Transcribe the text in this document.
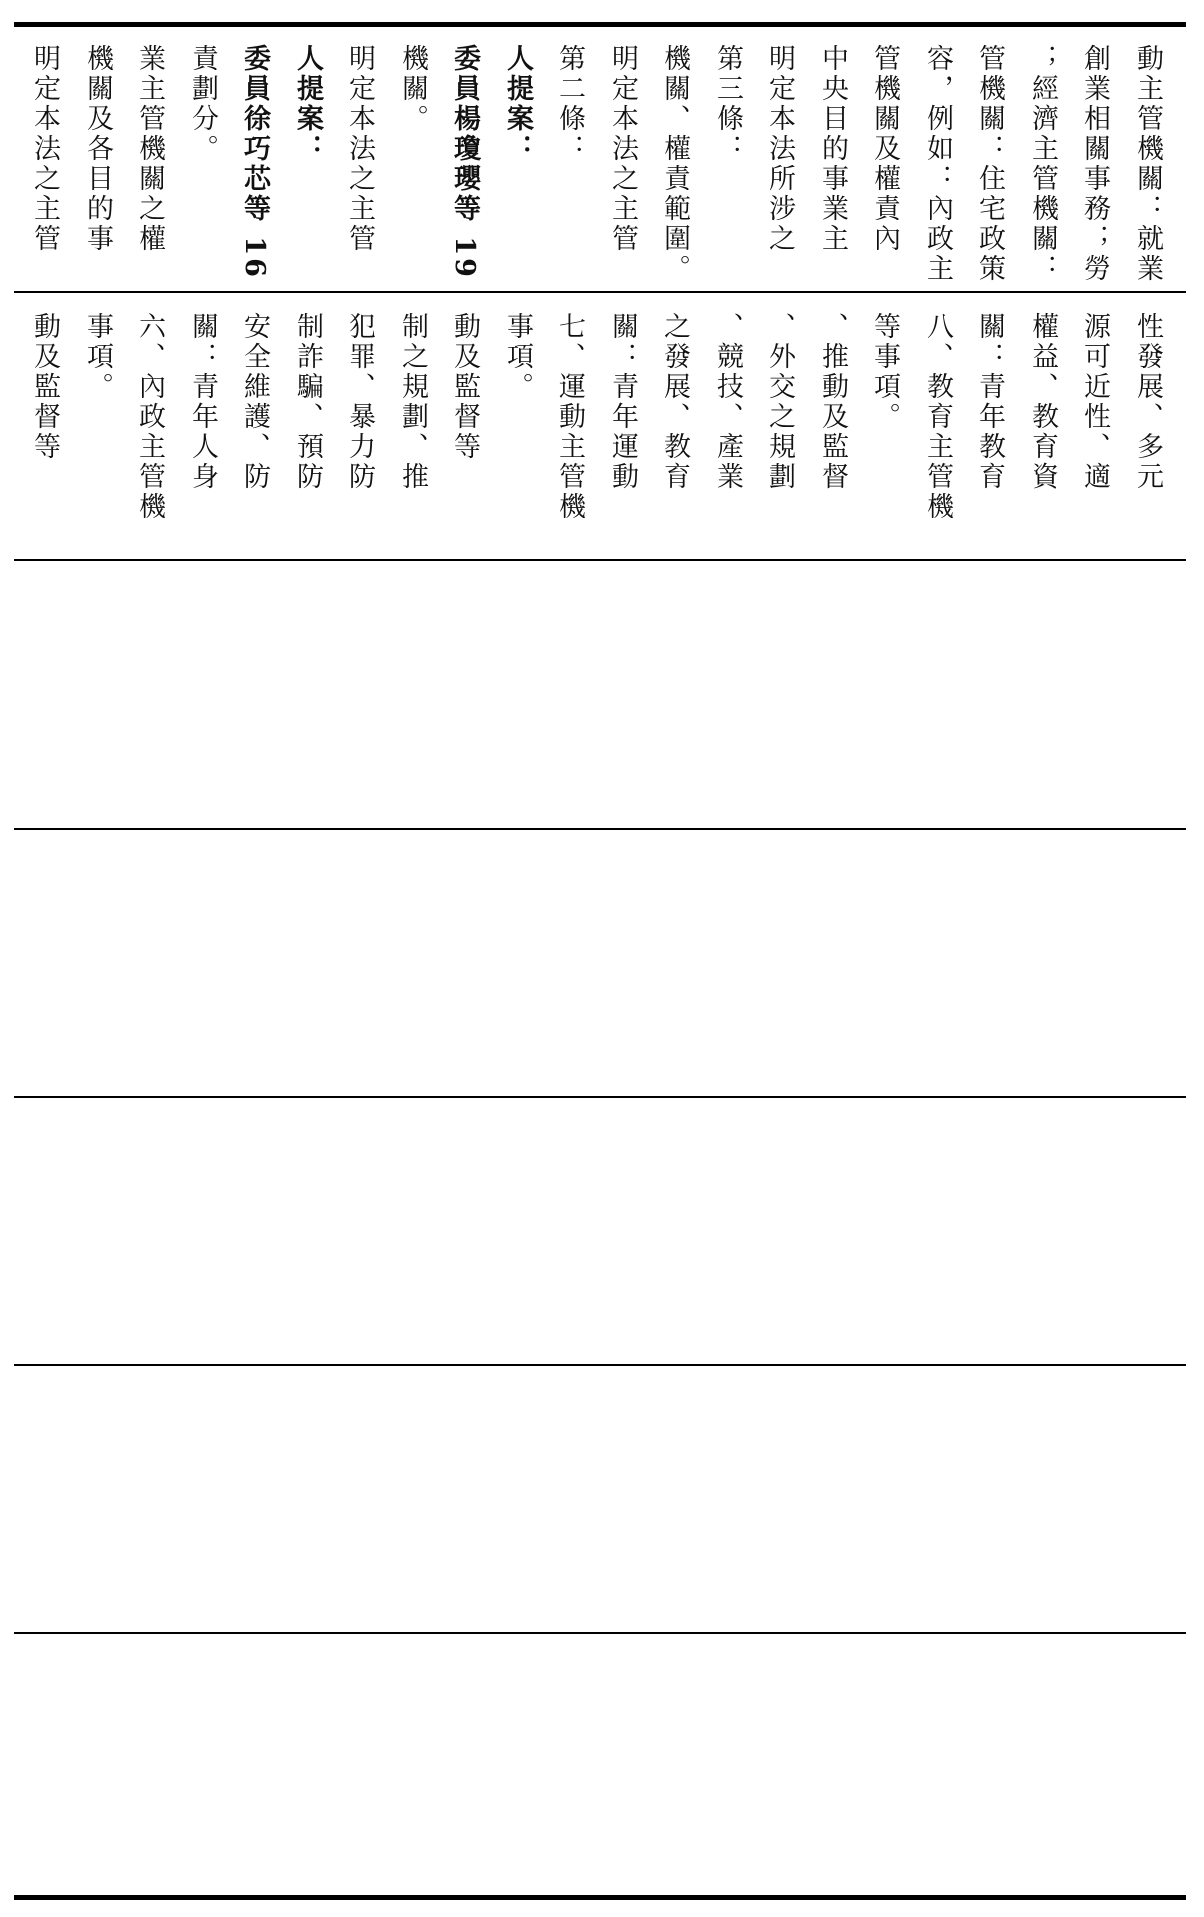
明定本法之主管 機關及各目的事 業主管機關之權 責劃分。 委員徐巧芯等 16 人提案： 明定本法之主管 機關。 委員楊瓊瓔等 19 人提案： 第二條： 明定本法之主管 機關、權責範圍。 第三條： 明定本法所涉之 中央目的事業主 管機關及權責內 容，例如：內政主 管機關：住宅政策 ；經濟主管機關： 創業相關事務；勞 動主管機關：就業
動及監督等 事項。 六、內政主管機 關：青年人身 安全維護、防 制詐騙、預防 犯罪、暴力防 制之規劃、推 動及監督等 事項。 七、運動主管機 關：青年運動 之發展、教育 、競技、產業 、外交之規劃 、推動及監督 等事項。 八、教育主管機 關：青年教育 權益、教育資 源可近性、適 性發展、多元
